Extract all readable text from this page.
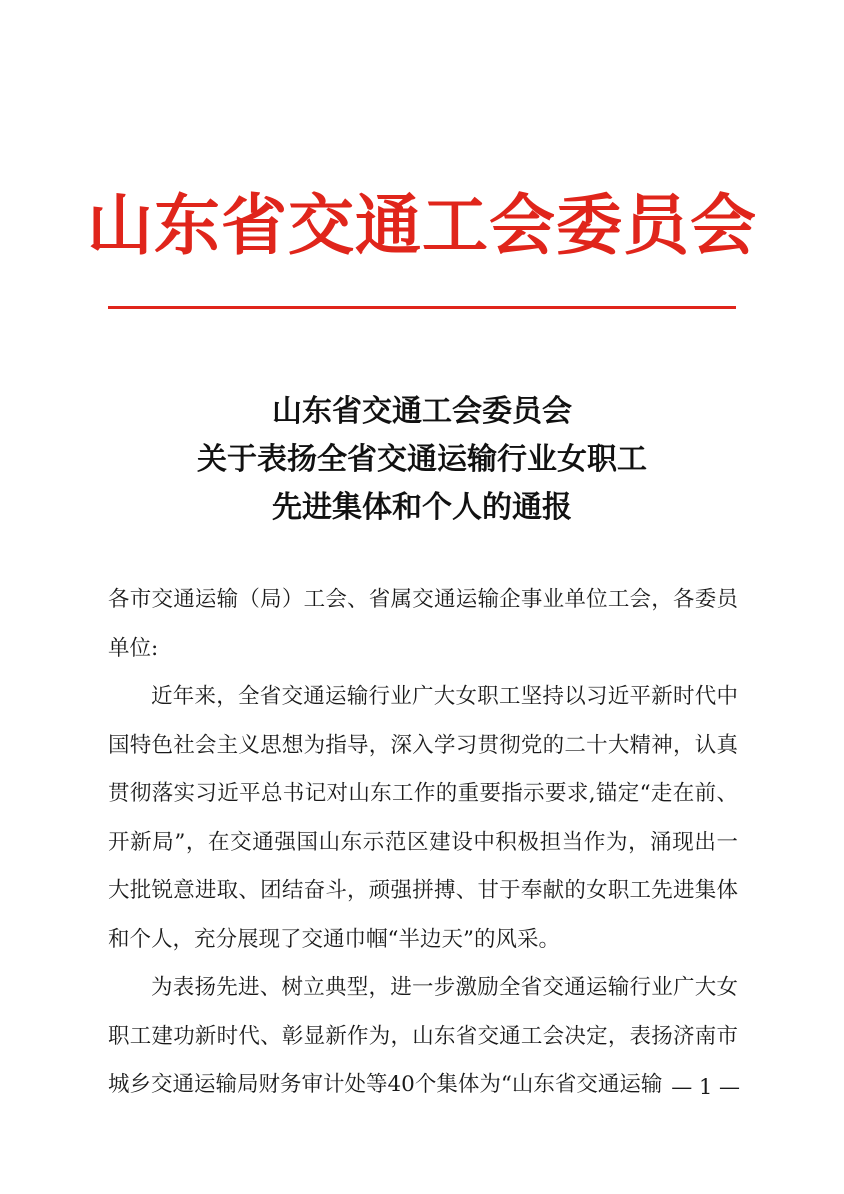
山东省交通工会委员会
山东省交通工会委员会
关于表扬全省交通运输行业女职工
先进集体和个人的通报

各市交通运输（局）工会、省属交通运输企事业单位工会，各委员单位:

近年来，全省交通运输行业广大女职工坚持以习近平新时代中国特色社会主义思想为指导，深入学习贯彻党的二十大精神，认真贯彻落实习近平总书记对山东工作的重要指示要求,锚定“走在前、开新局”，在交通强国山东示范区建设中积极担当作为，涌现出一大批锐意进取、团结奋斗，顽强拼搏、甘于奉献的女职工先进集体和个人，充分展现了交通巾帼“半边天”的风采。

为表扬先进、树立典型，进一步激励全省交通运输行业广大女职工建功新时代、彰显新作为，山东省交通工会决定，表扬济南市城乡交通运输局财务审计处等40个集体为“山东省交通运输 — 1 —
